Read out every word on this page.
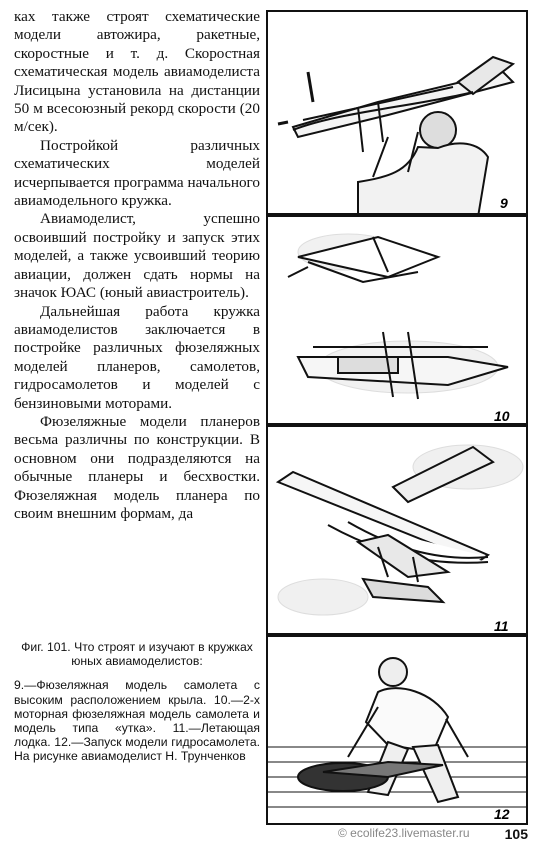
ках также строят схематические модели автожира, ракетные, скоростные и т. д. Скоростная схематическая модель авиамоделиста Лисицына установила на дистанции 50 м всесоюзный рекорд скорости (20 м/сек).

Постройкой различных схематических моделей исчерпывается программа начального авиамодельного кружка.

Авиамоделист, успешно освоивший постройку и запуск этих моделей, а также усвоивший теорию авиации, должен сдать нормы на значок ЮАС (юный авиастроитель).

Дальнейшая работа кружка авиамоделистов заключается в постройке различных фюзеляжных моделей планеров, самолетов, гидросамолетов и моделей с бензиновыми моторами.

Фюзеляжные модели планеров весьма различны по конструкции. В основном они подразделяются на обычные планеры и бесхвостки. Фюзеляжная модель планера по своим внешним формам, да

9
10
11
12
Фиг. 101. Что строят и изучают в кружках юных авиамоделистов:
9.—Фюзеляжная модель самолета с высоким расположением крыла. 10.—2-х моторная фюзеляжная модель самолета и модель типа «утка». 11.—Летающая лодка. 12.—Запуск модели гидросамолета. На рисунке авиамоделист Н. Трунченков
© ecolife23.livemaster.ru	105
